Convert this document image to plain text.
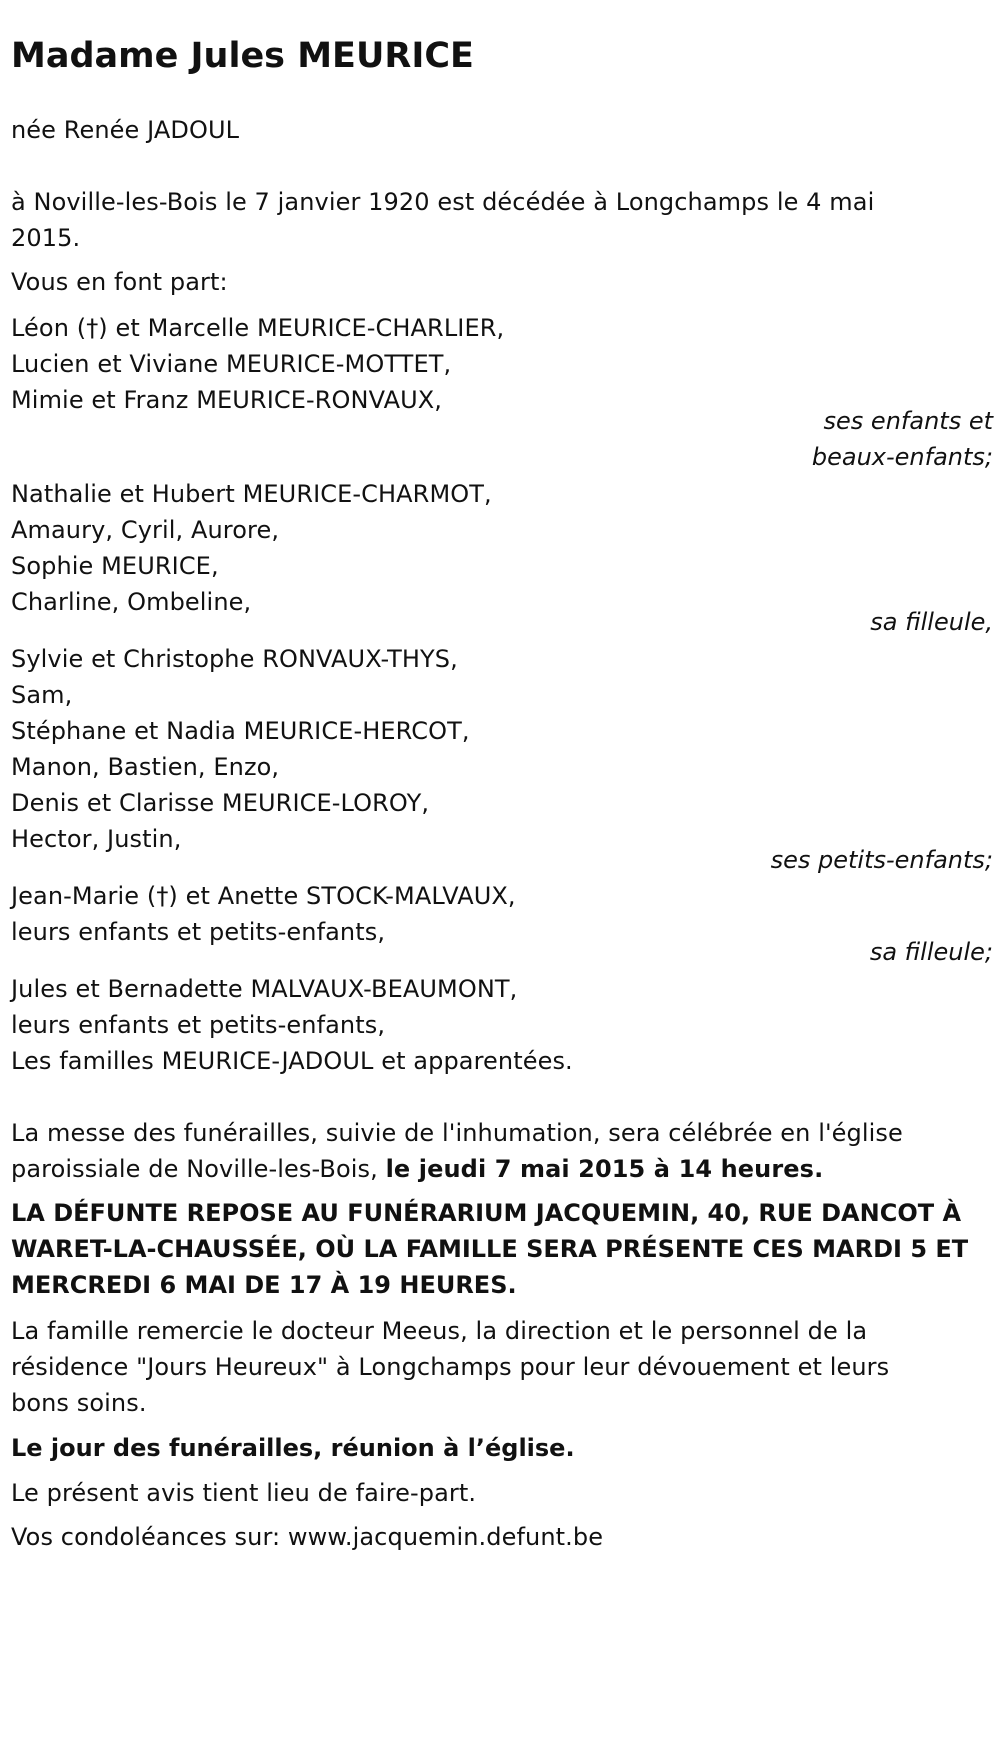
Madame Jules MEURICE
née Renée JADOUL
à Noville-les-Bois le 7 janvier 1920 est décédée à Longchamps le 4 mai
2015.
Vous en font part:
Léon (†) et Marcelle MEURICE-CHARLIER,
Lucien et Viviane MEURICE-MOTTET,
Mimie et Franz MEURICE-RONVAUX,
ses enfants et
beaux-enfants;
Nathalie et Hubert MEURICE-CHARMOT,
Amaury, Cyril, Aurore,
Sophie MEURICE,
Charline, Ombeline,
sa filleule,
Sylvie et Christophe RONVAUX-THYS,
Sam,
Stéphane et Nadia MEURICE-HERCOT,
Manon, Bastien, Enzo,
Denis et Clarisse MEURICE-LOROY,
Hector, Justin,
ses petits-enfants;
Jean-Marie (†) et Anette STOCK-MALVAUX,
leurs enfants et petits-enfants,
sa filleule;
Jules et Bernadette MALVAUX-BEAUMONT,
leurs enfants et petits-enfants,
Les familles MEURICE-JADOUL et apparentées.
La messe des funérailles, suivie de l'inhumation, sera célébrée en l'église
paroissiale de Noville-les-Bois, le jeudi 7 mai 2015 à 14 heures.
LA DÉFUNTE REPOSE AU FUNÉRARIUM JACQUEMIN, 40, RUE DANCOT À
WARET-LA-CHAUSSÉE, OÙ LA FAMILLE SERA PRÉSENTE CES MARDI 5 ET
MERCREDI 6 MAI DE 17 À 19 HEURES.
La famille remercie le docteur Meeus, la direction et le personnel de la
résidence "Jours Heureux" à Longchamps pour leur dévouement et leurs
bons soins.
Le jour des funérailles, réunion à l’église.
Le présent avis tient lieu de faire-part.
Vos condoléances sur: www.jacquemin.defunt.be
